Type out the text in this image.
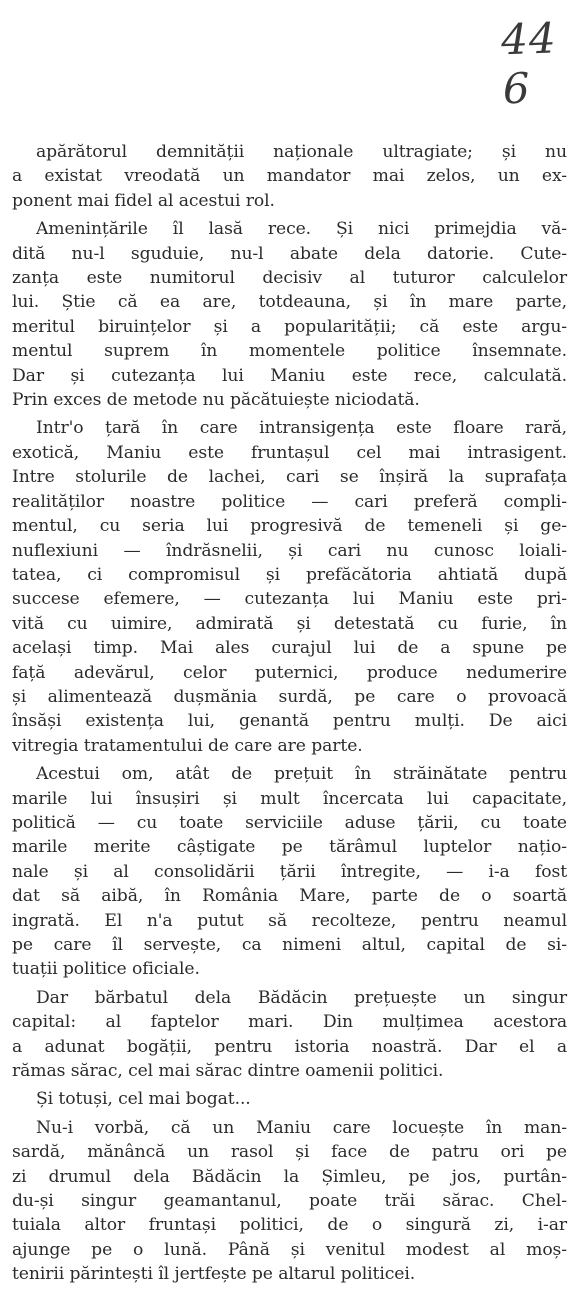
44 6
apărătorul demnității naționale ultragiate; și nu
a existat vreodată un mandator mai zelos, un ex-
ponent mai fidel al acestui rol.
Amenințările îl lasă rece. Și nici primejdia vă-
dită nu-l sguduie, nu-l abate dela datorie. Cute-
zanța este numitorul decisiv al tuturor calculelor
lui. Știe că ea are, totdeauna, și în mare parte,
meritul biruințelor și a popularității; că este argu-
mentul suprem în momentele politice însemnate.
Dar și cutezanța lui Maniu este rece, calculată.
Prin exces de metode nu păcătuiește niciodată.
Intr'o țară în care intransigența este floare rară,
exotică, Maniu este fruntașul cel mai intrasigent.
Intre stolurile de lachei, cari se înșiră la suprafața
realităților noastre politice — cari preferă compli-
mentul, cu seria lui progresivă de temeneli și ge-
nuflexiuni — îndrăsnelii, și cari nu cunosc loiali-
tatea, ci compromisul și prefăcătoria ahtiată după
succese efemere, — cutezanța lui Maniu este pri-
vită cu uimire, admirată și detestată cu furie, în
același timp. Mai ales curajul lui de a spune pe
față adevărul, celor puternici, produce nedumerire
și alimentează dușmănia surdă, pe care o provoacă
însăși existența lui, genantă pentru mulți. De aici
vitregia tratamentului de care are parte.
Acestui om, atât de prețuit în străinătate pentru
marile lui însușiri și mult încercata lui capacitate,
politică — cu toate serviciile aduse țării, cu toate
marile merite câștigate pe tărâmul luptelor națio-
nale și al consolidării țării întregite, — i-a fost
dat să aibă, în România Mare, parte de o soartă
ingrată. El n'a putut să recolteze, pentru neamul
pe care îl servește, ca nimeni altul, capital de si-
tuații politice oficiale.
Dar bărbatul dela Bădăcin prețuește un singur
capital: al faptelor mari. Din mulțimea acestora
a adunat bogății, pentru istoria noastră. Dar el a
rămas sărac, cel mai sărac dintre oamenii politici.
Și totuși, cel mai bogat...
Nu-i vorbă, că un Maniu care locuește în man-
sardă, mănâncă un rasol și face de patru ori pe
zi drumul dela Bădăcin la Șimleu, pe jos, purtân-
du-și singur geamantanul, poate trăi sărac. Chel-
tuiala altor fruntași politici, de o singură zi, i-ar
ajunge pe o lună. Până și venitul modest al moș-
tenirii părintești îl jertfește pe altarul politicei.
